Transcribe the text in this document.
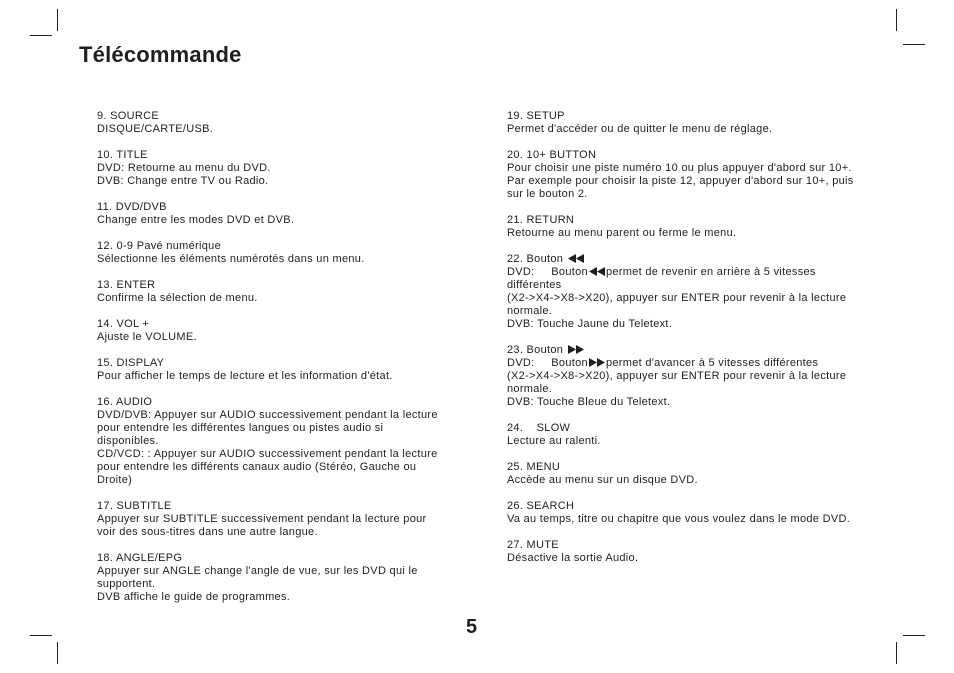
Télécommande

9. SOURCE

DISQUE/CARTE/USB.

10. TITLE

DVD: Retourne au menu du DVD.

DVB: Change entre TV ou Radio.

11. DVD/DVB

Change entre les modes DVD et DVB.

12. 0-9 Pavé numérique

Sélectionne les éléments numérotés dans un menu.

13. ENTER

Confirme la sélection de menu.

14. VOL +

Ajuste le VOLUME.

15. DISPLAY

Pour afficher le temps de lecture et les information d'état.

16. AUDIO

DVD/DVB: Appuyer sur AUDIO successivement pendant la lecture

pour entendre les différentes langues ou pistes audio si

disponibles.

CD/VCD: : Appuyer sur AUDIO successivement pendant la lecture

pour entendre les différents canaux audio (Stéréo, Gauche ou

Droite)

17. SUBTITLE

Appuyer sur SUBTITLE successivement pendant la lecture pour

voir des sous-titres dans une autre langue.

18. ANGLE/EPG

Appuyer sur ANGLE change l'angle de vue, sur les DVD qui le

supportent.

DVB affiche le guide de programmes.

19. SETUP

Permet d'accéder ou de quitter le menu de réglage.

20. 10+ BUTTON

Pour choisir une piste numéro 10 ou plus appuyer d'abord sur 10+.

Par exemple pour choisir la piste 12, appuyer d'abord sur 10+, puis

sur le bouton 2.

21. RETURN

Retourne au menu parent ou ferme le menu.

22. Bouton

DVD: Bouton permet de revenir en arrière à 5 vitesses

différentes

(X2->X4->X8->X20), appuyer sur ENTER pour revenir à la lecture

normale.

DVB: Touche Jaune du Teletext.

23. Bouton

DVD: Bouton permet d'avancer à 5 vitesses différentes

(X2->X4->X8->X20), appuyer sur ENTER pour revenir à la lecture

normale.

DVB: Touche Bleue du Teletext.

24. SLOW

Lecture au ralenti.

25. MENU

Accède au menu sur un disque DVD.

26. SEARCH

Va au temps, titre ou chapitre que vous voulez dans le mode DVD.

27. MUTE

Désactive la sortie Audio.

5
